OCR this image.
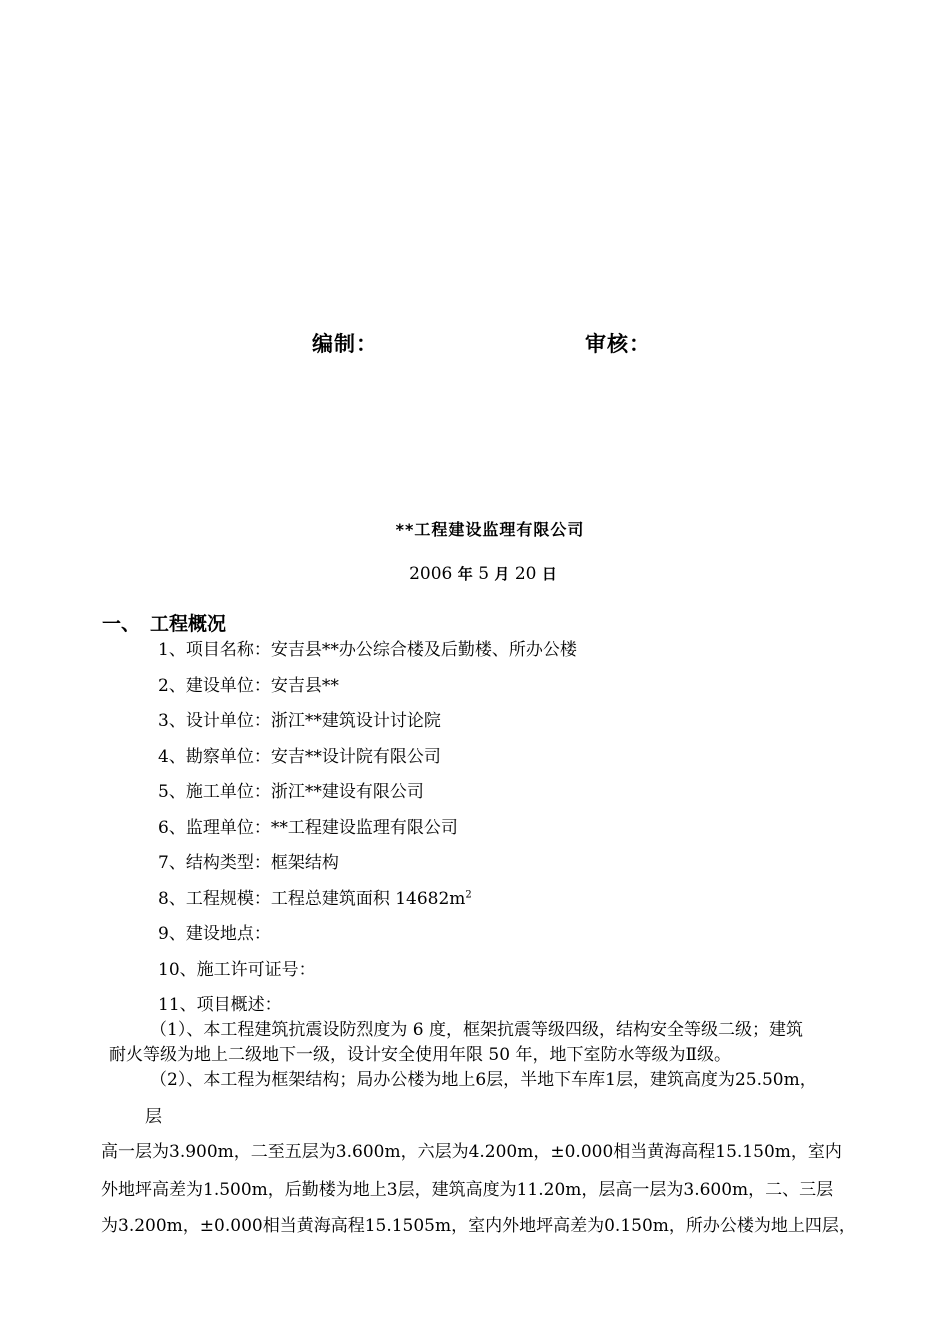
编制：	审核：
**工程建设监理有限公司
2006 年 5 月 20 日
一、 工程概况
1、项目名称：安吉县**办公综合楼及后勤楼、所办公楼
2、建设单位：安吉县**
3、设计单位：浙江**建筑设计讨论院
4、勘察单位：安吉**设计院有限公司
5、施工单位：浙江**建设有限公司
6、监理单位：**工程建设监理有限公司
7、结构类型：框架结构
8、工程规模：工程总建筑面积 $14682m^2$
9、建设地点：
10、施工许可证号：
11、项目概述：
（1）、本工程建筑抗震设防烈度为 6 度，框架抗震等级四级，结构安全等级二级；建筑
耐火等级为地上二级地下一级，设计安全使用年限 50 年，地下室防水等级为Ⅱ级。
（2）、本工程为框架结构；局办公楼为地上6层，半地下车库1层，建筑高度为25.50m，
层
高一层为3.900m，二至五层为3.600m，六层为4.200m，±0.000相当黄海高程15.150m，室内
外地坪高差为1.500m，后勤楼为地上3层，建筑高度为11.20m，层高一层为3.600m，二、三层
为3.200m，±0.000相当黄海高程15.1505m，室内外地坪高差为0.150m，所办公楼为地上四层，
